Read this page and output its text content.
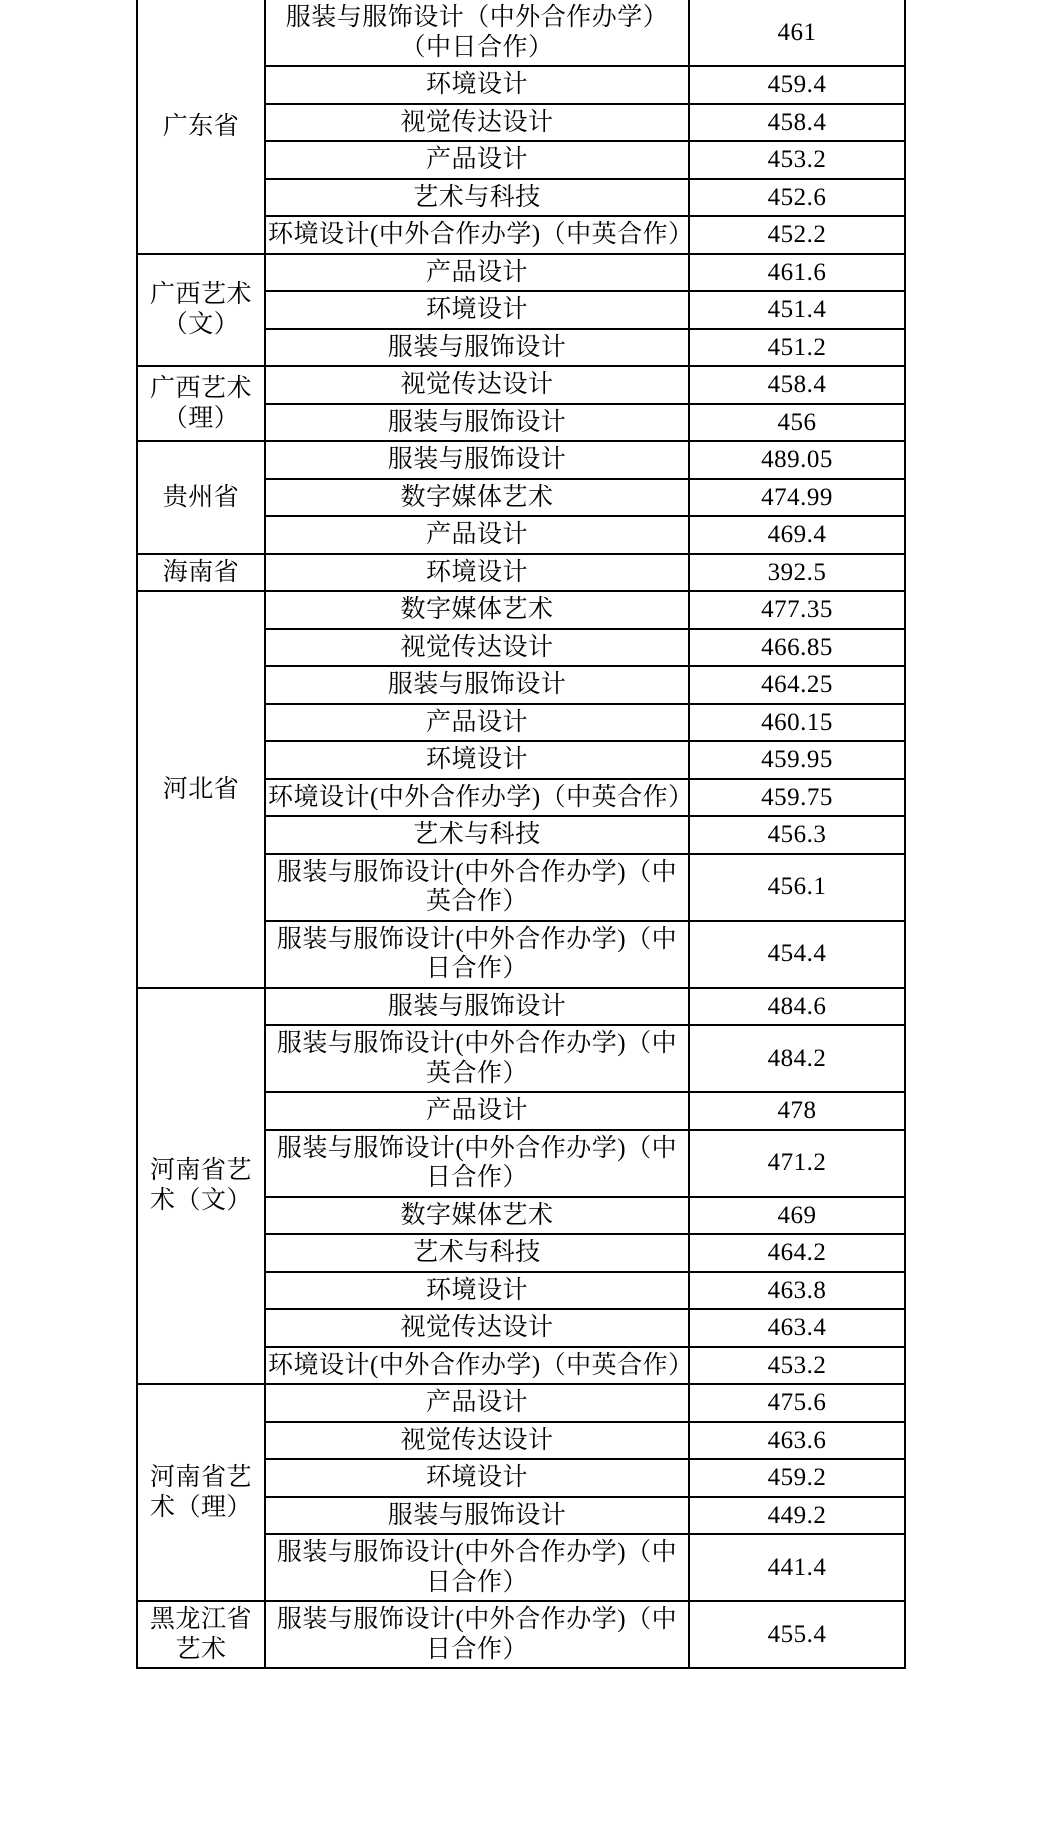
广东省	服装与服饰设计（中外合作办学）（中日合作）	461
	环境设计	459.4
	视觉传达设计	458.4
	产品设计	453.2
	艺术与科技	452.6
	环境设计(中外合作办学)（中英合作）	452.2
广西艺术（文）	产品设计	461.6
	环境设计	451.4
	服装与服饰设计	451.2
广西艺术（理）	视觉传达设计	458.4
	服装与服饰设计	456
贵州省	服装与服饰设计	489.05
	数字媒体艺术	474.99
	产品设计	469.4
海南省	环境设计	392.5
河北省	数字媒体艺术	477.35
	视觉传达设计	466.85
	服装与服饰设计	464.25
	产品设计	460.15
	环境设计	459.95
	环境设计(中外合作办学)（中英合作）	459.75
	艺术与科技	456.3
	服装与服饰设计(中外合作办学)（中英合作）	456.1
	服装与服饰设计(中外合作办学)（中日合作）	454.4
河南省艺术（文）	服装与服饰设计	484.6
	服装与服饰设计(中外合作办学)（中英合作）	484.2
	产品设计	478
	服装与服饰设计(中外合作办学)（中日合作）	471.2
	数字媒体艺术	469
	艺术与科技	464.2
	环境设计	463.8
	视觉传达设计	463.4
	环境设计(中外合作办学)（中英合作）	453.2
河南省艺术（理）	产品设计	475.6
	视觉传达设计	463.6
	环境设计	459.2
	服装与服饰设计	449.2
	服装与服饰设计(中外合作办学)（中日合作）	441.4
黑龙江省艺术	服装与服饰设计(中外合作办学)（中日合作）	455.4
